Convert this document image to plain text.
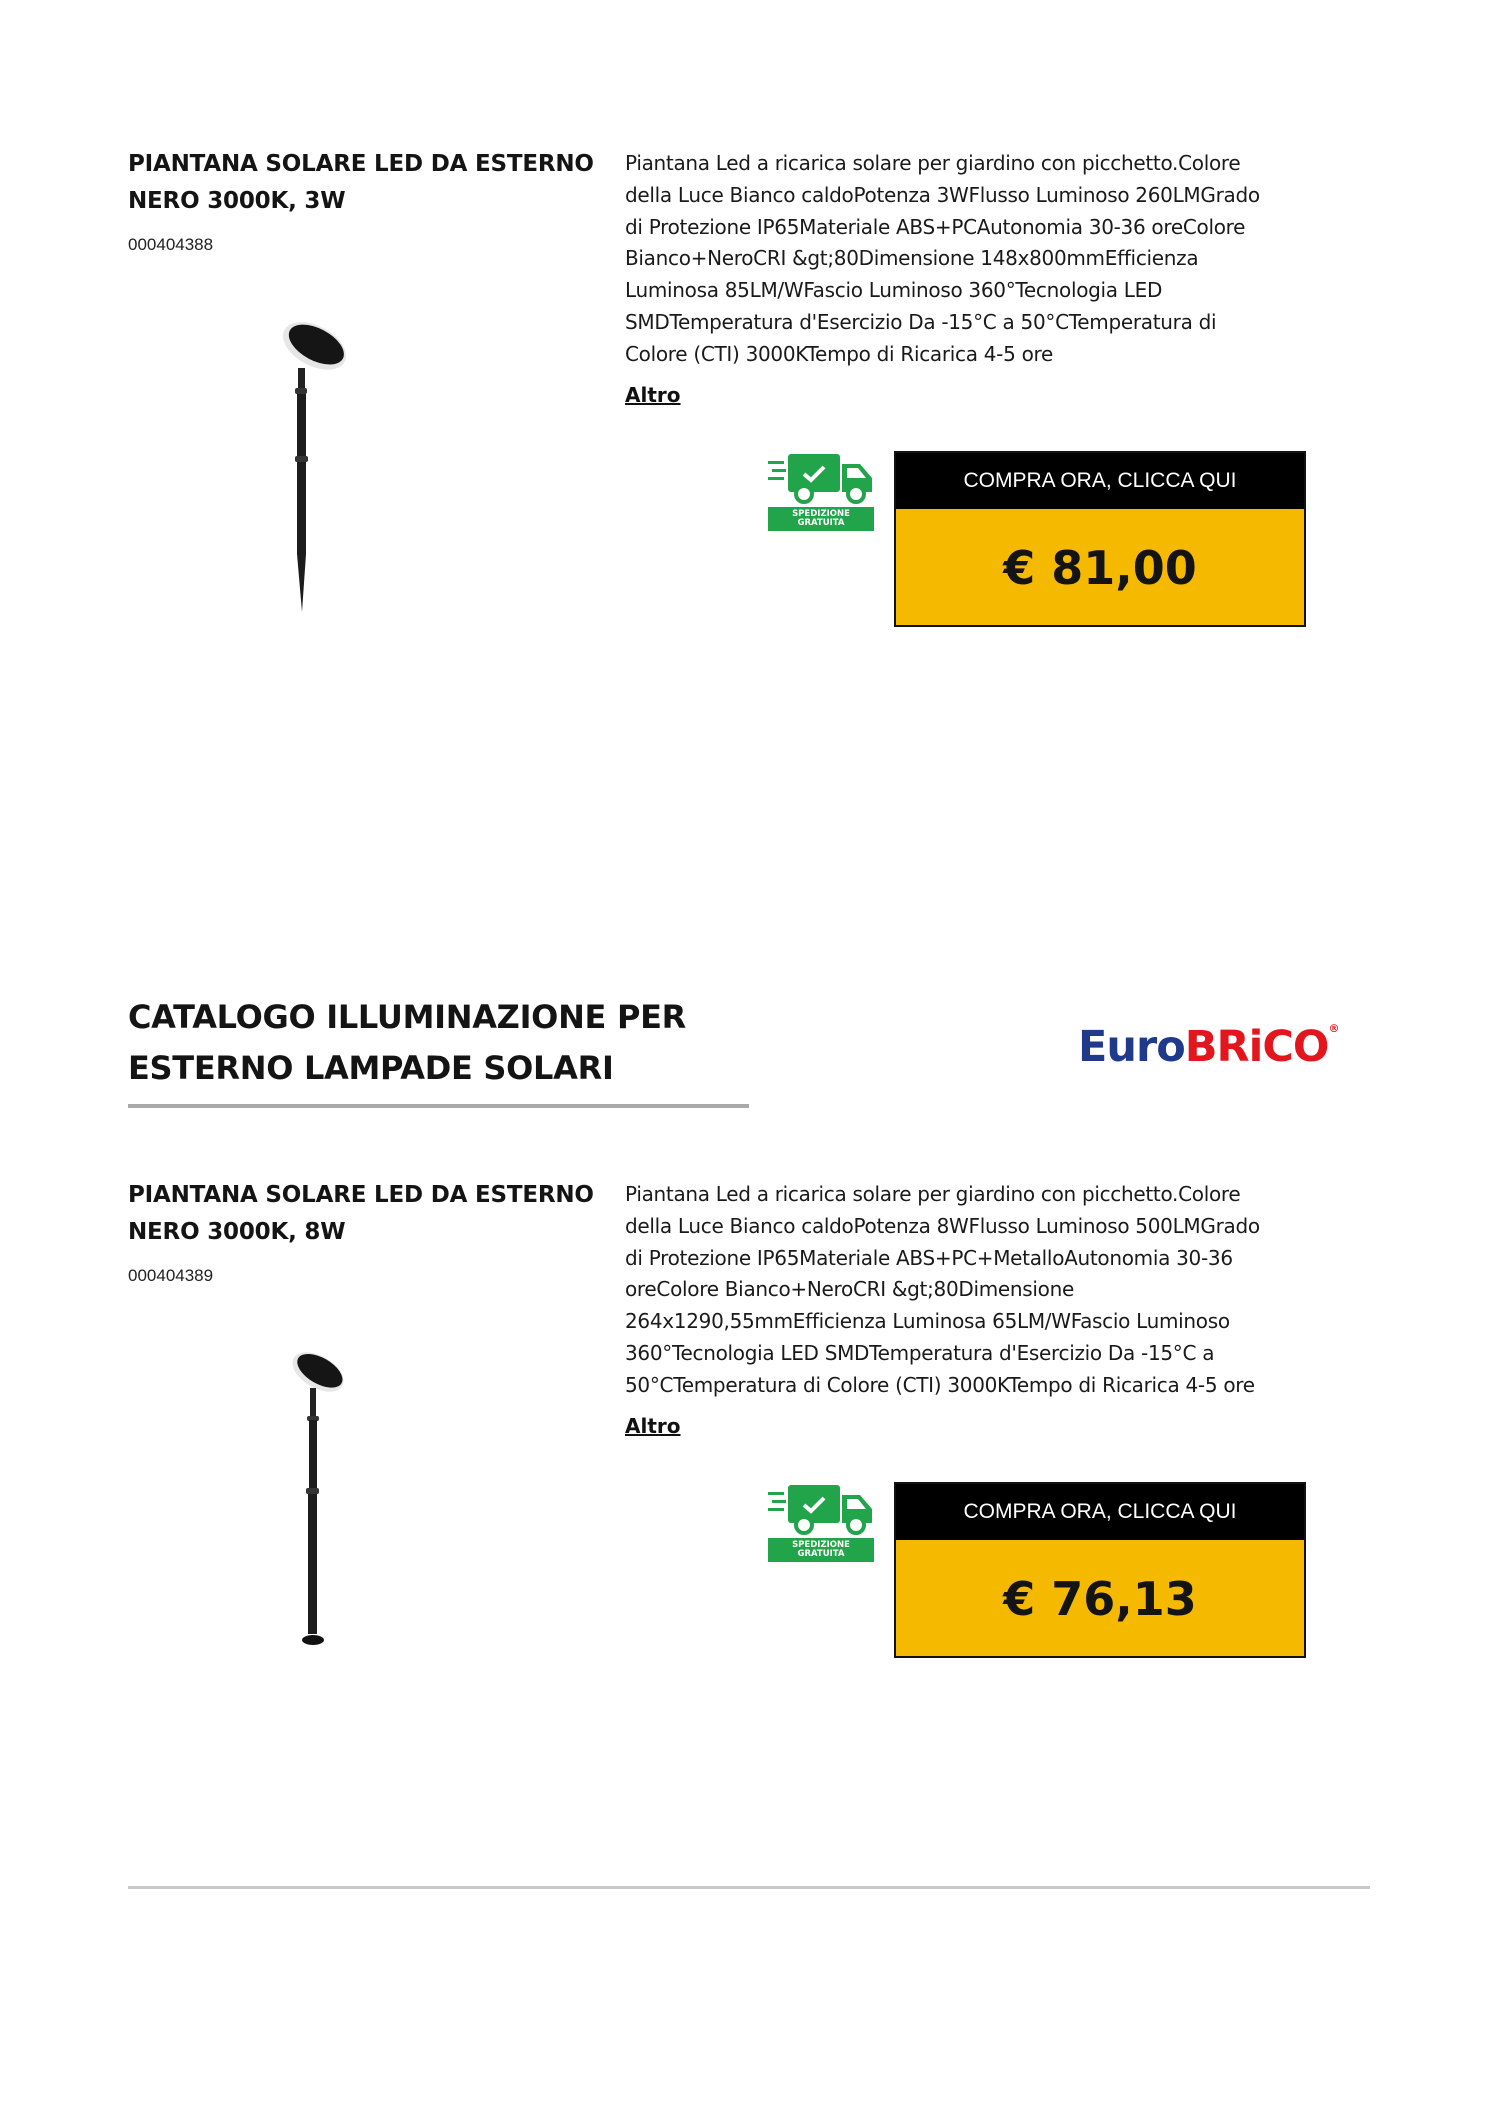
PIANTANA SOLARE LED DA ESTERNO
NERO 3000K, 3W
000404388
Piantana Led a ricarica solare per giardino con picchetto.Colore
della Luce Bianco caldoPotenza 3WFlusso Luminoso 260LMGrado
di Protezione IP65Materiale ABS+PCAutonomia 30-36 oreColore
Bianco+NeroCRI &gt;80Dimensione 148x800mmEfficienza
Luminosa 85LM/WFascio Luminoso 360°Tecnologia LED
SMDTemperatura d'Esercizio Da -15°C a 50°CTemperatura di
Colore (CTI) 3000KTempo di Ricarica 4-5 ore
Altro
SPEDIZIONE
GRATUITA
COMPRA ORA, CLICCA QUI
€ 81,00
CATALOGO ILLUMINAZIONE PER
ESTERNO LAMPADE SOLARI	EuroBRiCO®
PIANTANA SOLARE LED DA ESTERNO
NERO 3000K, 8W
000404389
Piantana Led a ricarica solare per giardino con picchetto.Colore
della Luce Bianco caldoPotenza 8WFlusso Luminoso 500LMGrado
di Protezione IP65Materiale ABS+PC+MetalloAutonomia 30-36
oreColore Bianco+NeroCRI &gt;80Dimensione
264x1290,55mmEfficienza Luminosa 65LM/WFascio Luminoso
360°Tecnologia LED SMDTemperatura d'Esercizio Da -15°C a
50°CTemperatura di Colore (CTI) 3000KTempo di Ricarica 4-5 ore
Altro
SPEDIZIONE
GRATUITA
COMPRA ORA, CLICCA QUI
€ 76,13
